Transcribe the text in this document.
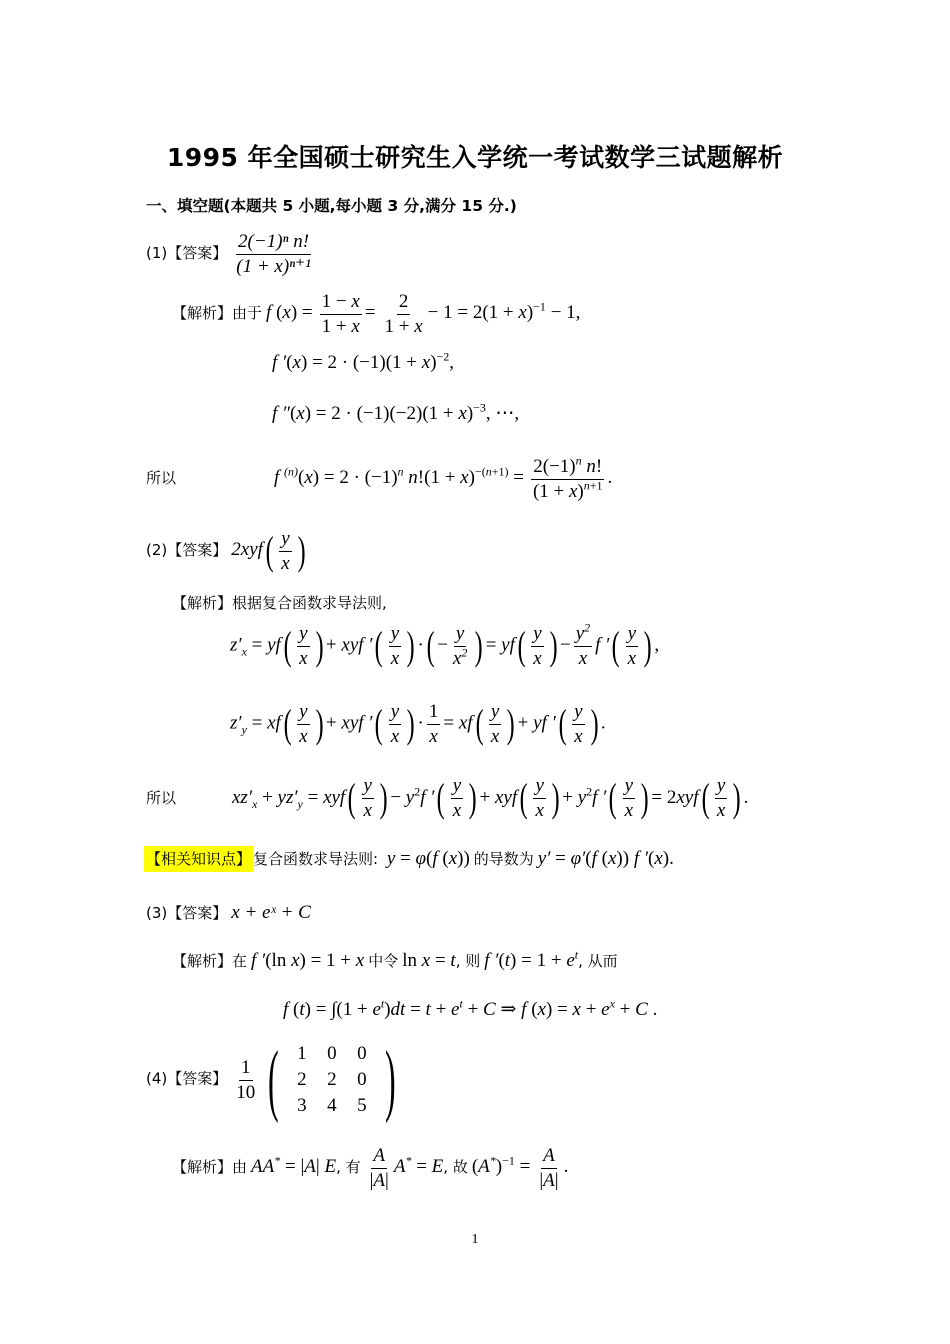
1995 年全国硕士研究生入学统一考试数学三试题解析
一、填空题(本题共 5 小题,每小题 3 分,满分 15 分.)
(1)【答案】 $\frac{\text{2(−1)ⁿ n!}}{\text{(1 + x)ⁿ⁺¹}}$
【解析】由于 f $(x) = \frac{1 - x}{1 + x} = \frac{2}{1 + x} - 1 = 2(1 + x)^{-1} - 1$,
f $'(x) = 2 \cdot (-1)(1 + x)^{-2}$,
f $''(x) = 2 \cdot (-1)(-2)(1 + x)^{-3}$, ⋯,
所以	f $^{(n)}(x) = 2 \cdot (-1)^n$ $n!(1 + x)^{-(n+1)} = \frac{2(-1)^n n!}{(1 + x)^{n+1}}$ .
(2)【答案】 $2xyf( \frac{y}{x}$ )
【解析】根据复合函数求导法则,
$z'_x = yf( \frac{y}{x}$ ) + xyf ′( $\frac{y}{x}$ ) ·( − $\frac{y}{x^2}$ ) = $yf( \frac{y}{x}$ ) − $\frac{y^2}{x}$ f ′( $\frac{y}{x}$ ) ,
$z'_y = xf( \frac{y}{x}$ ) + xyf ′( $\frac{y}{x}$ ) · $\frac{1}{x} = xf( \frac{y}{x}$ ) + yf ′( $\frac{y}{x}$ ) .
所以	$xz'_x + yz'_y = xyf( \frac{y}{x}$ ) − $y^2f$ ′( $\frac{y}{x}$ ) + $xyf( \frac{y}{x}$ ) + $y^2f$ ′( $\frac{y}{x}$ ) = $2xyf( \frac{y}{x}$ ) .
【相关知识点】 复合函数求导法则:  y = φ(f (x)) 的导数为 y′ = φ′(f (x)) f ′(x).
(3)【答案】 x + eˣ + C
【解析】在 f ′(ln x) = 1 + x 中令 ln x = t, 则 f $'(t) = 1 + e^t$, 从而
f $(t) = \int(1 + e^t)dt = t + e^t + C$ ⇒ f $(x) = x + e^x + C$ .
(4)【答案】 $\frac{1}{10}$ ( 1	0	0
2	2	0
3	4	5 )
【解析】由 AA* = |A| E, 有 $\frac{A}{|A|} A^* = E$, 故 $(A^*)^{-1} = \frac{A}{|A|}$ .
1
